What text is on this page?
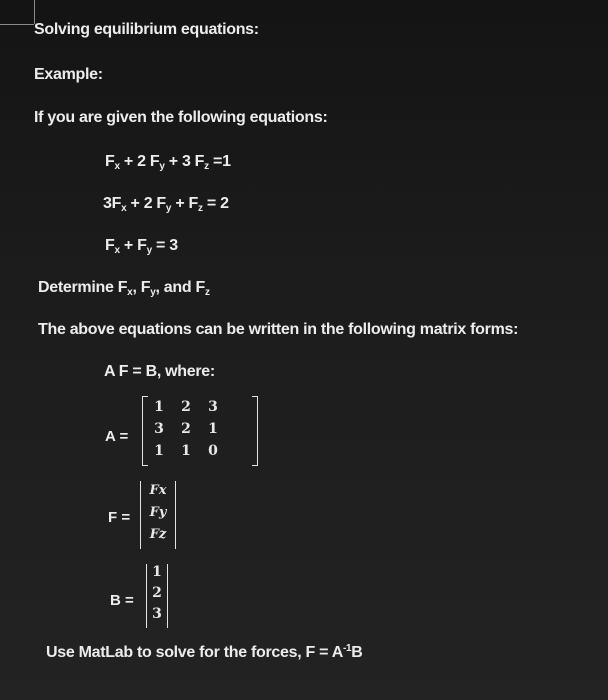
Solving equilibrium equations:
Example:
If you are given the following equations:
$F_x + 2$ $F_y + 3$ $F_z =1$
$3F_x + 2$ $F_y + F_z = 2$
$F_x + F_y = 3$
Determine $F_x$, $F_y$, and $F_z$
The above equations can be written in the following matrix forms:
A F = B, where:
A =
1	2	3
3	2	1
1	1	0
F =
Fx
Fy
Fz
B =
1
2
3
Use MatLab to solve for the forces, $F = A^{-1}B$
